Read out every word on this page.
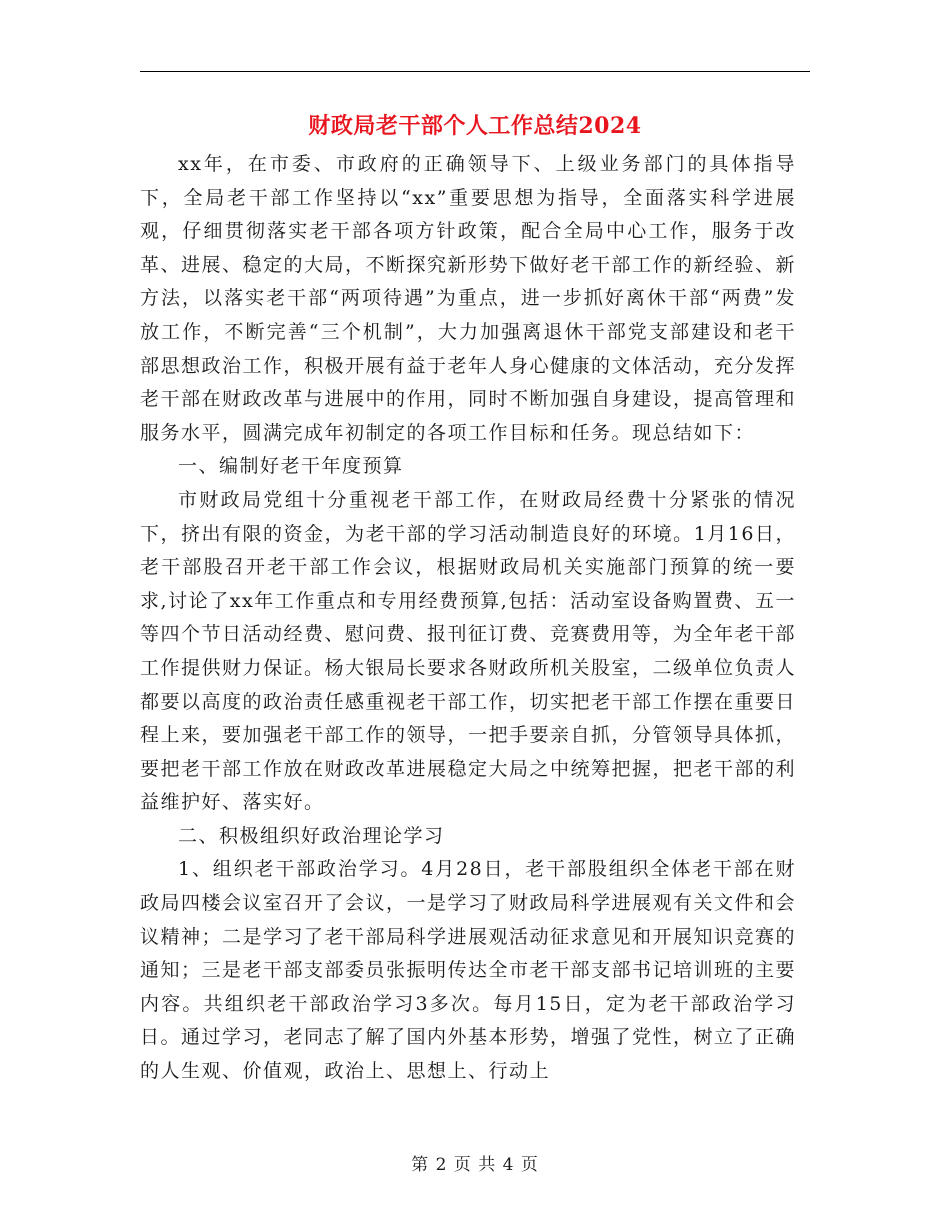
财政局老干部个人工作总结2024

xx年，在市委、市政府的正确领导下、上级业务部门的具体指导下，全局老干部工作坚持以“xx”重要思想为指导，全面落实科学进展观，仔细贯彻落实老干部各项方针政策，配合全局中心工作，服务于改革、进展、稳定的大局，不断探究新形势下做好老干部工作的新经验、新方法，以落实老干部“两项待遇”为重点，进一步抓好离休干部“两费”发放工作，不断完善“三个机制”，大力加强离退休干部党支部建设和老干部思想政治工作，积极开展有益于老年人身心健康的文体活动，充分发挥老干部在财政改革与进展中的作用，同时不断加强自身建设，提高管理和服务水平，圆满完成年初制定的各项工作目标和任务。现总结如下：

一、编制好老干年度预算

市财政局党组十分重视老干部工作，在财政局经费十分紧张的情况下，挤出有限的资金，为老干部的学习活动制造良好的环境。1月16日，老干部股召开老干部工作会议，根据财政局机关实施部门预算的统一要求,讨论了xx年工作重点和专用经费预算,包括：活动室设备购置费、五一等四个节日活动经费、慰问费、报刊征订费、竞赛费用等，为全年老干部工作提供财力保证。杨大银局长要求各财政所机关股室，二级单位负责人都要以高度的政治责任感重视老干部工作，切实把老干部工作摆在重要日程上来，要加强老干部工作的领导，一把手要亲自抓，分管领导具体抓，要把老干部工作放在财政改革进展稳定大局之中统筹把握，把老干部的利益维护好、落实好。

二、积极组织好政治理论学习

1、组织老干部政治学习。4月28日，老干部股组织全体老干部在财政局四楼会议室召开了会议，一是学习了财政局科学进展观有关文件和会议精神；二是学习了老干部局科学进展观活动征求意见和开展知识竞赛的通知；三是老干部支部委员张振明传达全市老干部支部书记培训班的主要内容。共组织老干部政治学习3多次。每月15日，定为老干部政治学习日。通过学习，老同志了解了国内外基本形势，增强了党性，树立了正确的人生观、价值观，政治上、思想上、行动上

第 2 页 共 4 页
